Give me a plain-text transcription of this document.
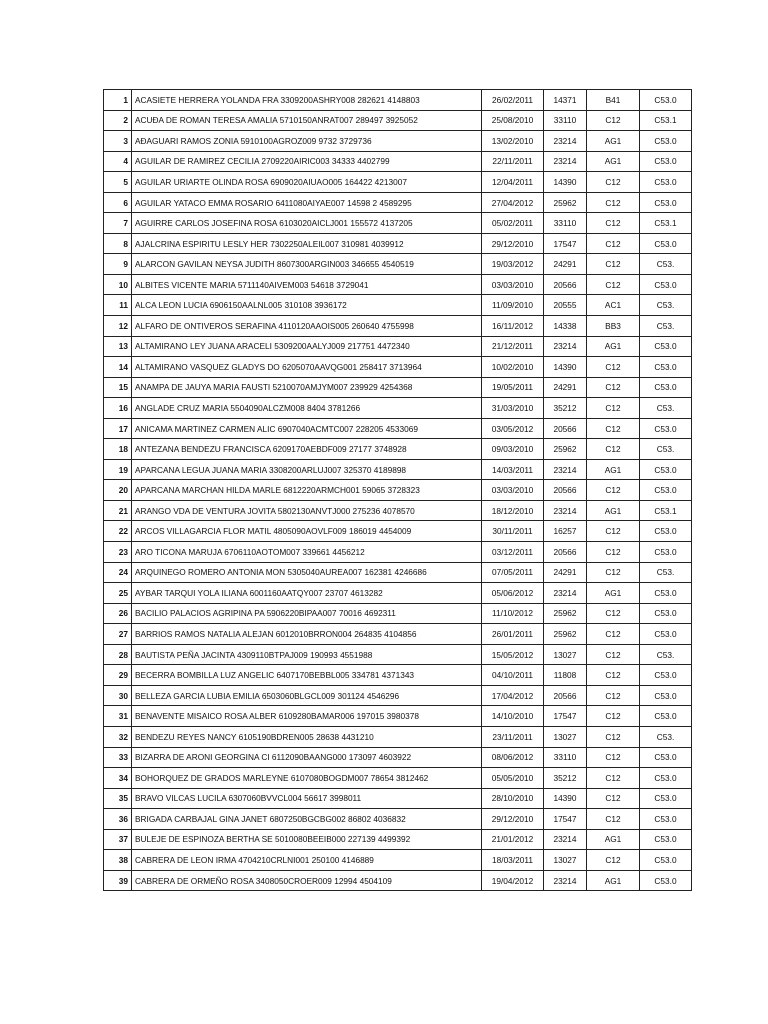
1	ACASIETE HERRERA YOLANDA FRA 3309200ASHRY008 282621 4148803	26/02/2011	14371	B41	C53.0
2	ACUÐA DE ROMAN TERESA AMALIA 5710150ANRAT007 289497 3925052	25/08/2010	33110	C12	C53.1
3	AÐAGUARI RAMOS ZONIA 5910100AGROZ009 9732 3729736	13/02/2010	23214	AG1	C53.0
4	AGUILAR DE RAMIREZ CECILIA 2709220AIRIC003 34333 4402799	22/11/2011	23214	AG1	C53.0
5	AGUILAR URIARTE OLINDA ROSA 6909020AIUAO005 164422 4213007	12/04/2011	14390	C12	C53.0
6	AGUILAR YATACO EMMA ROSARIO 6411080AIYAE007 14598 2 4589295	27/04/2012	25962	C12	C53.0
7	AGUIRRE CARLOS JOSEFINA ROSA 6103020AICLJ001 155572 4137205	05/02/2011	33110	C12	C53.1
8	AJALCRINA ESPIRITU LESLY HER 7302250ALEIL007 310981 4039912	29/12/2010	17547	C12	C53.0
9	ALARCON GAVILAN NEYSA JUDITH 8607300ARGIN003 346655 4540519	19/03/2012	24291	C12	C53.
10	ALBITES VICENTE MARIA 5711140AIVEM003 54618 3729041	03/03/2010	20566	C12	C53.0
11	ALCA LEON LUCIA 6906150AALNL005 310108 3936172	11/09/2010	20555	AC1	C53.
12	ALFARO DE ONTIVEROS SERAFINA 4110120AAOIS005 260640 4755998	16/11/2012	14338	BB3	C53.
13	ALTAMIRANO LEY JUANA ARACELI 5309200AALYJ009 217751 4472340	21/12/2011	23214	AG1	C53.0
14	ALTAMIRANO VASQUEZ GLADYS DO 6205070AAVQG001 258417 3713964	10/02/2010	14390	C12	C53.0
15	ANAMPA DE JAUYA MARIA FAUSTI 5210070AMJYM007 239929 4254368	19/05/2011	24291	C12	C53.0
16	ANGLADE CRUZ MARIA 5504090ALCZM008 8404 3781266	31/03/2010	35212	C12	C53.
17	ANICAMA MARTINEZ CARMEN ALIC 6907040ACMTC007 228205 4533069	03/05/2012	20566	C12	C53.0
18	ANTEZANA BENDEZU FRANCISCA 6209170AEBDF009 27177 3748928	09/03/2010	25962	C12	C53.
19	APARCANA LEGUA JUANA MARIA 3308200ARLUJ007 325370 4189898	14/03/2011	23214	AG1	C53.0
20	APARCANA MARCHAN HILDA MARLE 6812220ARMCH001 59065 3728323	03/03/2010	20566	C12	C53.0
21	ARANGO VDA DE VENTURA JOVITA 5802130ANVTJ000 275236 4078570	18/12/2010	23214	AG1	C53.1
22	ARCOS VILLAGARCIA FLOR MATIL 4805090AOVLF009 186019 4454009	30/11/2011	16257	C12	C53.0
23	ARO TICONA MARUJA 6706110AOTOM007 339661 4456212	03/12/2011	20566	C12	C53.0
24	ARQUINEGO ROMERO ANTONIA MON 5305040AUREA007 162381 4246686	07/05/2011	24291	C12	C53.
25	AYBAR TARQUI YOLA ILIANA 6001160AATQY007 23707 4613282	05/06/2012	23214	AG1	C53.0
26	BACILIO PALACIOS AGRIPINA PA 5906220BIPAA007 70016 4692311	11/10/2012	25962	C12	C53.0
27	BARRIOS RAMOS NATALIA ALEJAN 6012010BRRON004 264835 4104856	26/01/2011	25962	C12	C53.0
28	BAUTISTA PEÑA JACINTA 4309110BTPAJ009 190993 4551988	15/05/2012	13027	C12	C53.
29	BECERRA BOMBILLA LUZ ANGELIC 6407170BEBBL005 334781 4371343	04/10/2011	11808	C12	C53.0
30	BELLEZA GARCIA LUBIA EMILIA 6503060BLGCL009 301124 4546296	17/04/2012	20566	C12	C53.0
31	BENAVENTE MISAICO ROSA ALBER 6109280BAMAR006 197015 3980378	14/10/2010	17547	C12	C53.0
32	BENDEZU REYES NANCY 6105190BDREN005 28638 4431210	23/11/2011	13027	C12	C53.
33	BIZARRA DE ARONI GEORGINA CI 6112090BAANG000 173097 4603922	08/06/2012	33110	C12	C53.0
34	BOHORQUEZ DE GRADOS MARLEYNE 6107080BOGDM007 78654 3812462	05/05/2010	35212	C12	C53.0
35	BRAVO VILCAS LUCILA 6307060BVVCL004 56617 3998011	28/10/2010	14390	C12	C53.0
36	BRIGADA CARBAJAL GINA JANET 6807250BGCBG002 86802 4036832	29/12/2010	17547	C12	C53.0
37	BULEJE DE ESPINOZA BERTHA SE 5010080BEEIB000 227139 4499392	21/01/2012	23214	AG1	C53.0
38	CABRERA DE LEON IRMA 4704210CRLNI001 250100 4146889	18/03/2011	13027	C12	C53.0
39	CABRERA DE ORMEÑO ROSA 3408050CROER009 12994 4504109	19/04/2012	23214	AG1	C53.0
